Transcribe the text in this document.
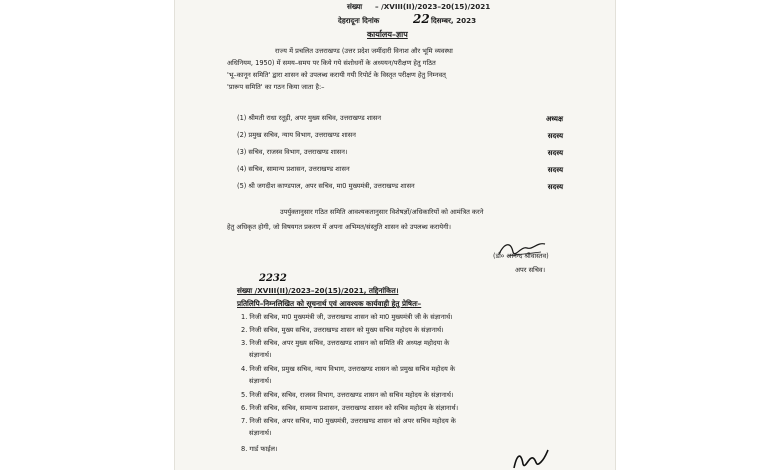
संख्या – /XVIII(II)/2023–20(15)/2021
देहरादूनः दिनांक	22 दिसम्बर, 2023
कार्यालय–ज्ञाप
राज्य में प्रचलित उत्तराखण्ड (उत्तर प्रदेश जमींदारी विनाश और भूमि व्यवस्था
अधिनियम, 1950) में समय–समय पर किये गये संशोधनों के अध्ययन/परीक्षण हेतु गठित
'भू–कानून समिति' द्वारा शासन को उपलब्ध करायी गयी रिपोर्ट के विस्तृत परीक्षण हेतु निम्नवत्
'प्रारूप समिति' का गठन किया जाता है:–
(1) श्रीमती राधा रतूड़ी, अपर मुख्य सचिव, उत्तराखण्ड शासन	अध्यक्ष
(2) प्रमुख सचिव, न्याय विभाग, उत्तराखण्ड शासन	सदस्य
(3) सचिव, राजस्व विभाग, उत्तराखण्ड शासन।	सदस्य
(4) सचिव, सामान्य प्रशासन, उत्तराखण्ड शासन	सदस्य
(5) श्री जगदीश काण्डपाल, अपर सचिव, मा0 मुख्यमंत्री, उत्तराखण्ड शासन	सदस्य
उपर्युक्तानुसार गठित समिति आवश्यकतानुसार विशेषज्ञों/अधिकारियों को आमंत्रित करने
हेतु अधिकृत होगी, जो विषयगत प्रकरण में अपना अभिमत/संस्तुति शासन को उपलब्ध करायेगी।
(डॉ० आनन्द श्रीवास्तव)
अपर सचिव।
2232
संख्या /XVIII(II)/2023–20(15)/2021, तद्दिनांकित।
प्रतिलिपि–निम्नलिखित को सूचनार्थ एवं आवश्यक कार्यवाही हेतु प्रेषितः–
1. निजी सचिव, मा0 मुख्यमंत्री जी, उत्तराखण्ड शासन को मा0 मुख्यमंत्री जी के संज्ञानार्थ।
2. निजी सचिव, मुख्य सचिव, उत्तराखण्ड शासन को मुख्य सचिव महोदय के संज्ञानार्थ।
3. निजी सचिव, अपर मुख्य सचिव, उत्तराखण्ड शासन को समिति की अध्यक्ष महोदया के
संज्ञानार्थ।
4. निजी सचिव, प्रमुख सचिव, न्याय विभाग, उत्तराखण्ड शासन को प्रमुख सचिव महोदय के
संज्ञानार्थ।
5. निजी सचिव, सचिव, राजस्व विभाग, उत्तराखण्ड शासन को सचिव महोदय के संज्ञानार्थ।
6. निजी सचिव, सचिव, सामान्य प्रशासन, उत्तराखण्ड शासन को सचिव महोदय के संज्ञानार्थ।
7. निजी सचिव, अपर सचिव, मा0 मुख्यमंत्री, उत्तराखण्ड शासन को अपर सचिव महोदय के
संज्ञानार्थ।
8. गार्ड फाईल।
